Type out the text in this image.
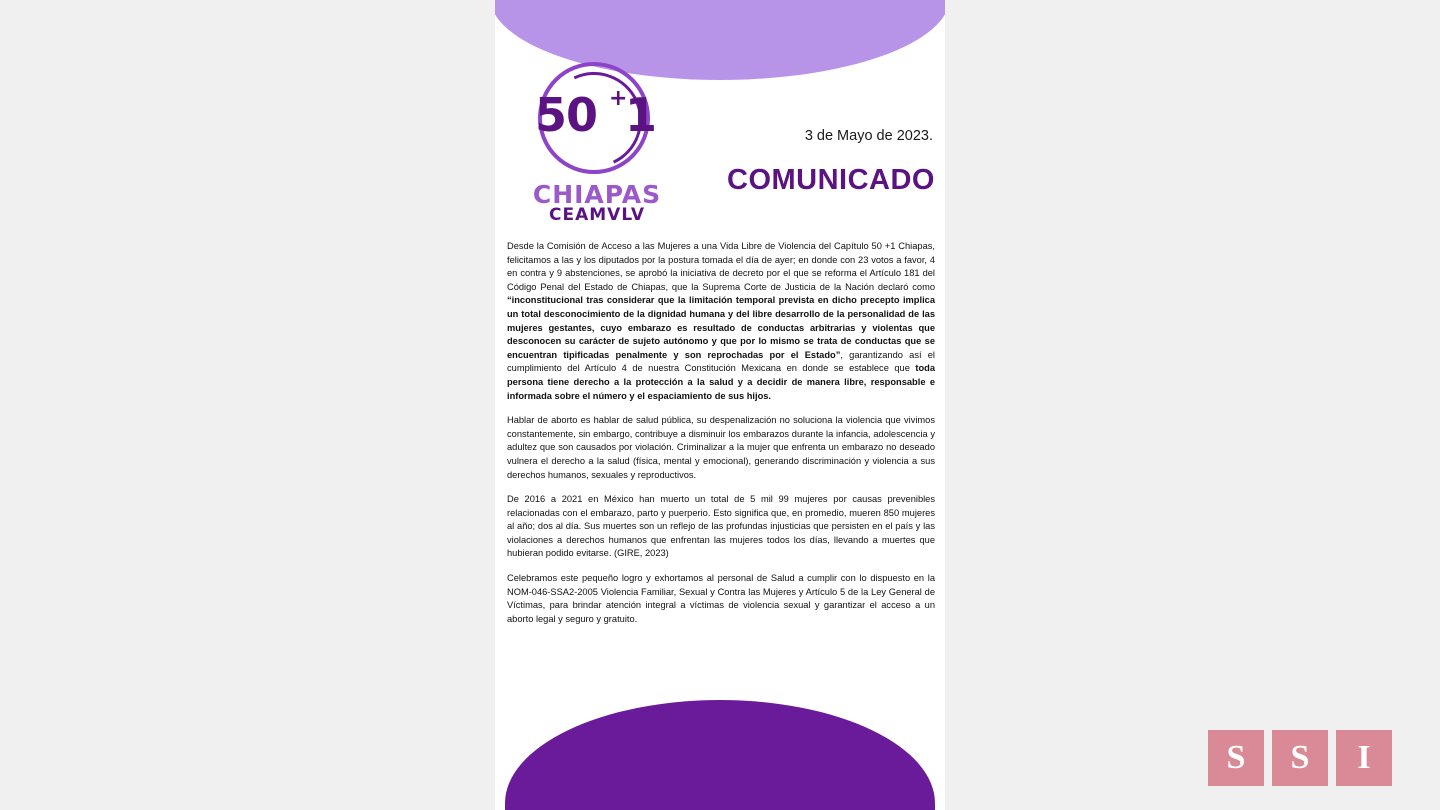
50 +
1
CHIAPAS
CEAMVLV
3 de Mayo de 2023.
COMUNICADO

Desde la Comisión de Acceso a las Mujeres a una Vida Libre de Violencia del Capítulo 50 +1 Chiapas, felicitamos a las y los diputados por la postura tomada el día de ayer; en donde con 23 votos a favor, 4 en contra y 9 abstenciones, se aprobó la iniciativa de decreto por el que se reforma el Artículo 181 del Código Penal del Estado de Chiapas, que la Suprema Corte de Justicia de la Nación declaró como “inconstitucional tras considerar que la limitación temporal prevista en dicho precepto implica un total desconocimiento de la dignidad humana y del libre desarrollo de la personalidad de las mujeres gestantes, cuyo embarazo es resultado de conductas arbitrarias y violentas que desconocen su carácter de sujeto autónomo y que por lo mismo se trata de conductas que se encuentran tipificadas penalmente y son reprochadas por el Estado”, garantizando así el cumplimiento del Artículo 4 de nuestra Constitución Mexicana en donde se establece que toda persona tiene derecho a la protección a la salud y a decidir de manera libre, responsable e informada sobre el número y el espaciamiento de sus hijos.

Hablar de aborto es hablar de salud pública, su despenalización no soluciona la violencia que vivimos constantemente, sin embargo, contribuye a disminuir los embarazos durante la infancia, adolescencia y adultez que son causados por violación. Criminalizar a la mujer que enfrenta un embarazo no deseado vulnera el derecho a la salud (física, mental y emocional), generando discriminación y violencia a sus derechos humanos, sexuales y reproductivos.

De 2016 a 2021 en México han muerto un total de 5 mil 99 mujeres por causas prevenibles relacionadas con el embarazo, parto y puerperio. Esto significa que, en promedio, mueren 850 mujeres al año; dos al día. Sus muertes son un reflejo de las profundas injusticias que persisten en el país y las violaciones a derechos humanos que enfrentan las mujeres todos los días, llevando a muertes que hubieran podido evitarse. (GIRE, 2023)

Celebramos este pequeño logro y exhortamos al personal de Salud a cumplir con lo dispuesto en la NOM-046-SSA2-2005 Violencia Familiar, Sexual y Contra las Mujeres y Artículo 5 de la Ley General de Víctimas, para brindar atención integral a víctimas de violencia sexual y garantizar el acceso a un aborto legal y seguro y gratuito.

S	S	I
